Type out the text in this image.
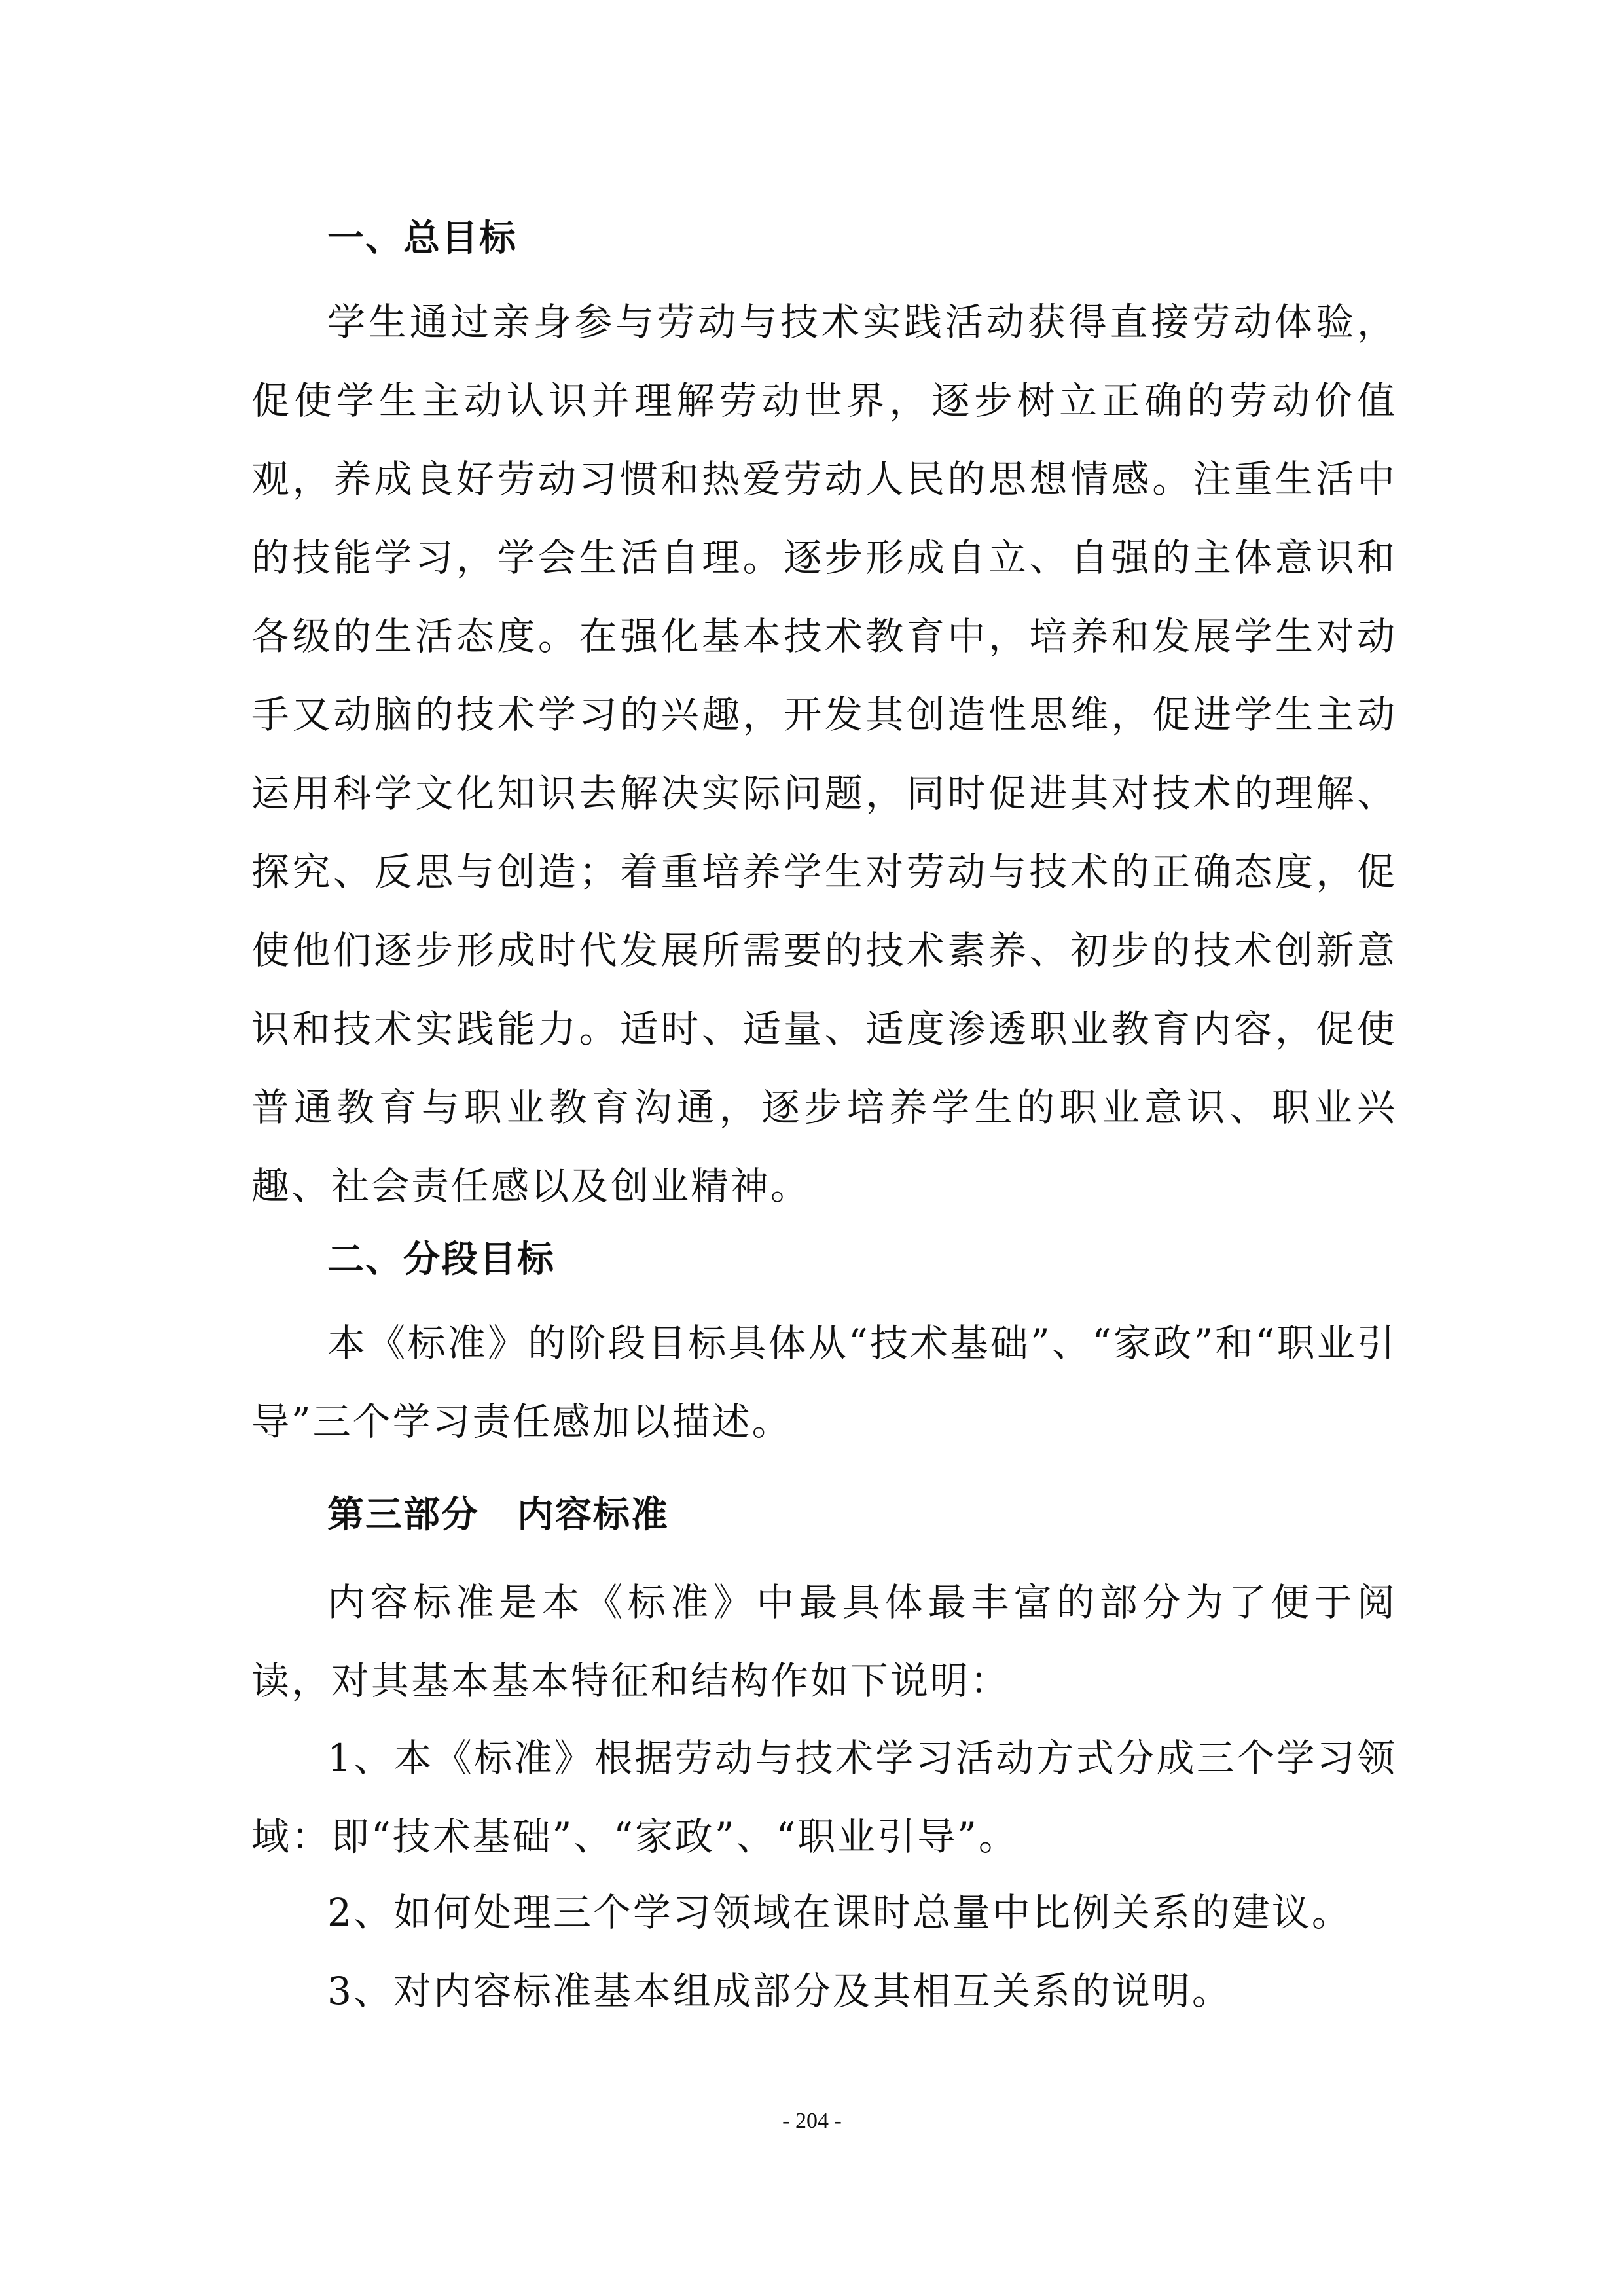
一、总目标
学生通过亲身参与劳动与技术实践活动获得直接劳动体验，促使学生主动认识并理解劳动世界，逐步树立正确的劳动价值观，养成良好劳动习惯和热爱劳动人民的思想情感。注重生活中的技能学习，学会生活自理。逐步形成自立、自强的主体意识和各级的生活态度。在强化基本技术教育中，培养和发展学生对动手又动脑的技术学习的兴趣，开发其创造性思维，促进学生主动运用科学文化知识去解决实际问题，同时促进其对技术的理解、探究、反思与创造；着重培养学生对劳动与技术的正确态度，促使他们逐步形成时代发展所需要的技术素养、初步的技术创新意识和技术实践能力。适时、适量、适度渗透职业教育内容，促使普通教育与职业教育沟通，逐步培养学生的职业意识、职业兴趣、社会责任感以及创业精神。
二、分段目标
本《标准》的阶段目标具体从“技术基础”、“家政”和“职业引导”三个学习责任感加以描述。
第三部分　内容标准
内容标准是本《标准》中最具体最丰富的部分为了便于阅读，对其基本基本特征和结构作如下说明：
1、本《标准》根据劳动与技术学习活动方式分成三个学习领域：即“技术基础”、“家政”、“职业引导”。
2、如何处理三个学习领域在课时总量中比例关系的建议。
3、对内容标准基本组成部分及其相互关系的说明。
- 204 -
